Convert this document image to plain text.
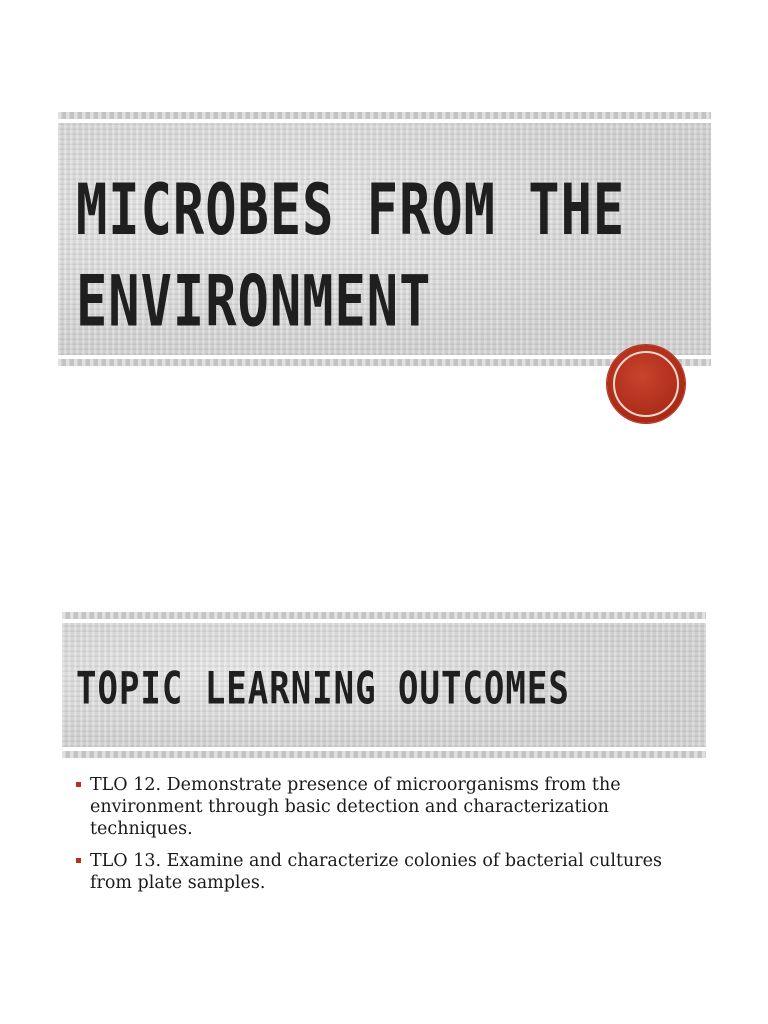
MICROBES FROM THE
ENVIRONMENT
TOPIC LEARNING OUTCOMES
TLO 12. Demonstrate presence of microorganisms from the environment through basic detection and characterization techniques.
TLO 13. Examine and characterize colonies of bacterial cultures from plate samples.
